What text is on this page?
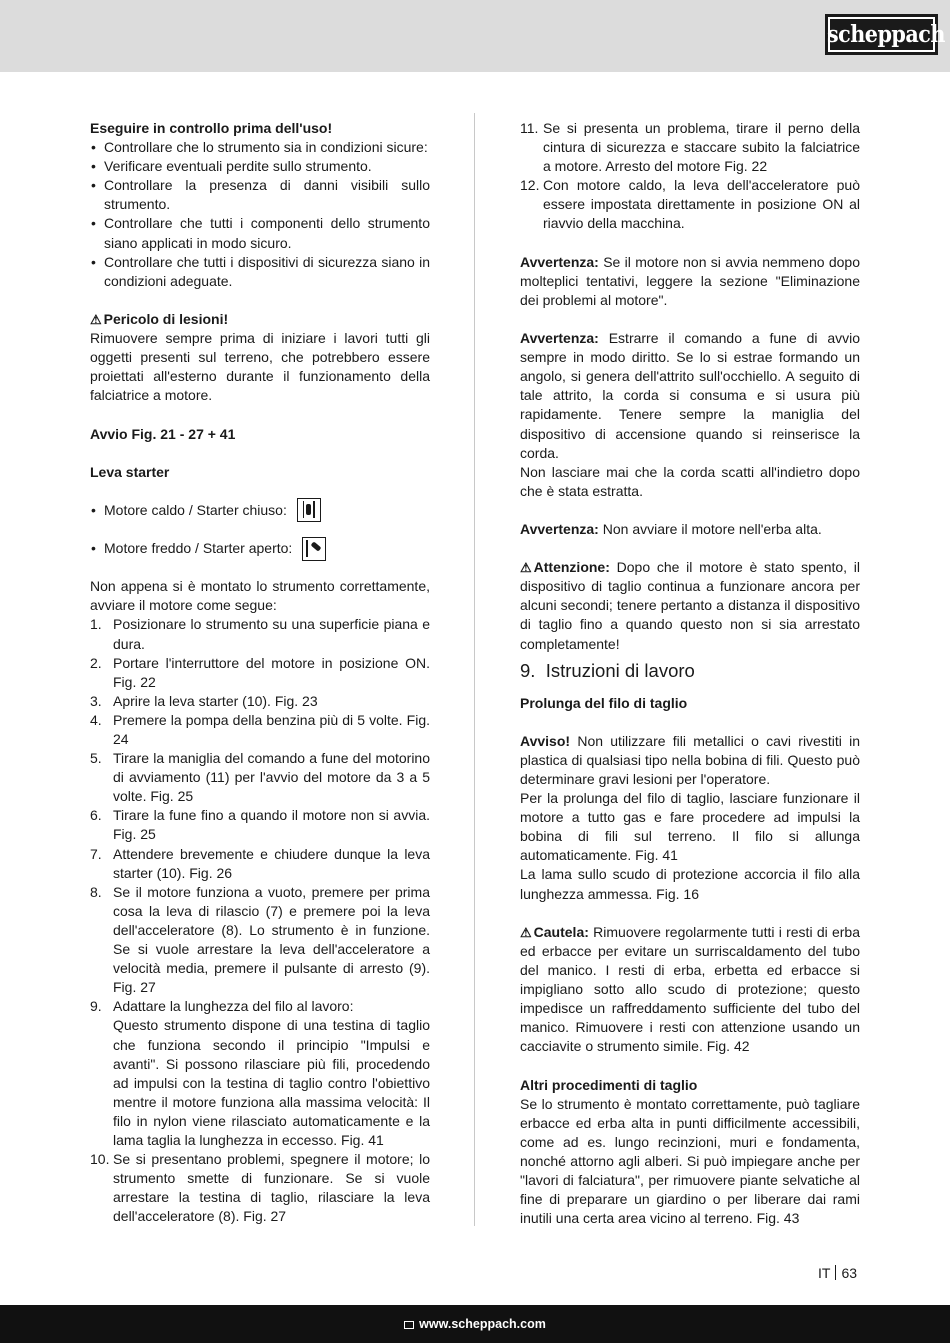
scheppach

Eseguire in controllo prima dell'uso!

• Controllare che lo strumento sia in condizioni sicure:
• Verificare eventuali perdite sullo strumento.
• Controllare la presenza di danni visibili sullo strumento.
• Controllare che tutti i componenti dello strumento siano applicati in modo sicuro.
• Controllare che tutti i dispositivi di sicurezza siano in condizioni adeguate.

⚠ Pericolo di lesioni!

Rimuovere sempre prima di iniziare i lavori tutti gli oggetti presenti sul terreno, che potrebbero essere proiettati all'esterno durante il funzionamento della falciatrice a motore.

Avvio Fig. 21 - 27 + 41

Leva starter

• Motore caldo / Starter chiuso:
• Motore freddo / Starter aperto:

Non appena si è montato lo strumento correttamente, avviare il motore come segue:

1. Posizionare lo strumento su una superficie piana e dura.
2. Portare l'interruttore del motore in posizione ON. Fig. 22
3. Aprire la leva starter (10). Fig. 23
4. Premere la pompa della benzina più di 5 volte. Fig. 24
5. Tirare la maniglia del comando a fune del motorino di avviamento (11) per l'avvio del motore da 3 a 5 volte. Fig. 25
6. Tirare la fune fino a quando il motore non si avvia. Fig. 25
7. Attendere brevemente e chiudere dunque la leva starter (10). Fig. 26
8. Se il motore funziona a vuoto, premere per prima cosa la leva di rilascio (7) e premere poi la leva dell'acceleratore (8). Lo strumento è in funzione. Se si vuole arrestare la leva dell'acceleratore a velocità media, premere il pulsante di arresto (9). Fig. 27
9. Adattare la lunghezza del filo al lavoro:
Questo strumento dispone di una testina di taglio che funziona secondo il principio "Impulsi e avanti". Si possono rilasciare più fili, procedendo ad impulsi con la testina di taglio contro l'obiettivo mentre il motore funziona alla massima velocità: Il filo in nylon viene rilasciato automaticamente e la lama taglia la lunghezza in eccesso. Fig. 41
10. Se si presentano problemi, spegnere il motore; lo strumento smette di funzionare. Se si vuole arrestare la testina di taglio, rilasciare la leva dell'acceleratore (8). Fig. 27
11. Se si presenta un problema, tirare il perno della cintura di sicurezza e staccare subito la falciatrice a motore. Arresto del motore Fig. 22
12. Con motore caldo, la leva dell'acceleratore può essere impostata direttamente in posizione ON al riavvio della macchina.

Avvertenza: Se il motore non si avvia nemmeno dopo molteplici tentativi, leggere la sezione "Eliminazione dei problemi al motore".

Avvertenza: Estrarre il comando a fune di avvio sempre in modo diritto. Se lo si estrae formando un angolo, si genera dell'attrito sull'occhiello. A seguito di tale attrito, la corda si consuma e si usura più rapidamente. Tenere sempre la maniglia del dispositivo di accensione quando si reinserisce la corda.

Non lasciare mai che la corda scatti all'indietro dopo che è stata estratta.

Avvertenza: Non avviare il motore nell'erba alta.

⚠ Attenzione: Dopo che il motore è stato spento, il dispositivo di taglio continua a funzionare ancora per alcuni secondi; tenere pertanto a distanza il dispositivo di taglio fino a quando questo non si sia arrestato completamente!

9. Istruzioni di lavoro

Prolunga del filo di taglio

Avviso! Non utilizzare fili metallici o cavi rivestiti in plastica di qualsiasi tipo nella bobina di fili. Questo può determinare gravi lesioni per l'operatore.

Per la prolunga del filo di taglio, lasciare funzionare il motore a tutto gas e fare procedere ad impulsi la bobina di fili sul terreno. Il filo si allunga automaticamente. Fig. 41

La lama sullo scudo di protezione accorcia il filo alla lunghezza ammessa. Fig. 16

⚠ Cautela: Rimuovere regolarmente tutti i resti di erba ed erbacce per evitare un surriscaldamento del tubo del manico. I resti di erba, erbetta ed erbacce si impigliano sotto allo scudo di protezione; questo impedisce un raffreddamento sufficiente del tubo del manico. Rimuovere i resti con attenzione usando un cacciavite o strumento simile. Fig. 42

Altri procedimenti di taglio

Se lo strumento è montato correttamente, può tagliare erbacce ed erba alta in punti difficilmente accessibili, come ad es. lungo recinzioni, muri e fondamenta, nonché attorno agli alberi. Si può impiegare anche per "lavori di falciatura", per rimuovere piante selvatiche al fine di preparare un giardino o per liberare dai rami inutili una certa area vicino al terreno. Fig. 43

IT 63
www.scheppach.com
